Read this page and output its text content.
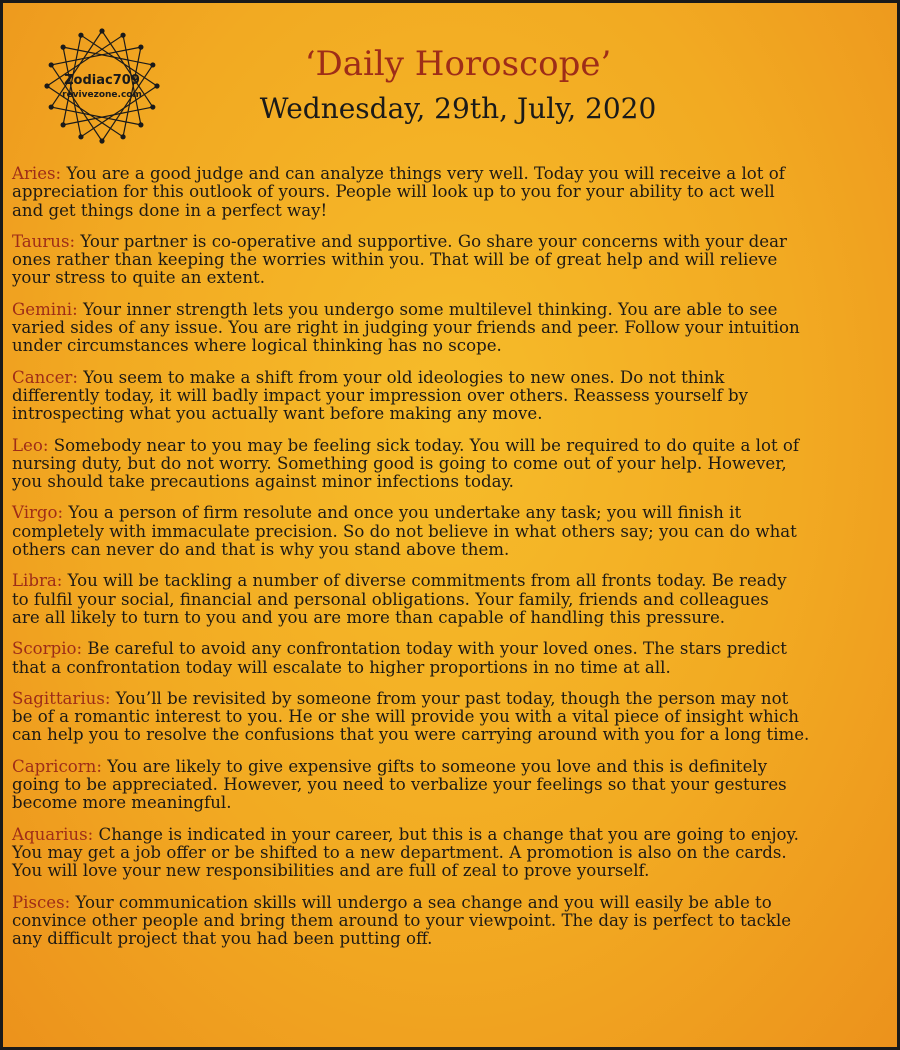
Zodiac709
revivezone.com
‘Daily Horoscope’
Wednesday, 29th, July, 2020
Aries: You are a good judge and can analyze things very well. Today you will receive a lot of
appreciation for this outlook of yours. People will look up to you for your ability to act well
and get things done in a perfect way!
Taurus: Your partner is co-operative and supportive. Go share your concerns with your dear
ones rather than keeping the worries within you. That will be of great help and will relieve
your stress to quite an extent.
Gemini: Your inner strength lets you undergo some multilevel thinking. You are able to see
varied sides of any issue. You are right in judging your friends and peer. Follow your intuition
under circumstances where logical thinking has no scope.
Cancer: You seem to make a shift from your old ideologies to new ones. Do not think
differently today, it will badly impact your impression over others. Reassess yourself by
introspecting what you actually want before making any move.
Leo: Somebody near to you may be feeling sick today. You will be required to do quite a lot of
nursing duty, but do not worry. Something good is going to come out of your help. However,
you should take precautions against minor infections today.
Virgo: You a person of firm resolute and once you undertake any task; you will finish it
completely with immaculate precision. So do not believe in what others say; you can do what
others can never do and that is why you stand above them.
Libra: You will be tackling a number of diverse commitments from all fronts today. Be ready
to fulfil your social, financial and personal obligations. Your family, friends and colleagues
are all likely to turn to you and you are more than capable of handling this pressure.
Scorpio: Be careful to avoid any confrontation today with your loved ones. The stars predict
that a confrontation today will escalate to higher proportions in no time at all.
Sagittarius: You’ll be revisited by someone from your past today, though the person may not
be of a romantic interest to you. He or she will provide you with a vital piece of insight which
can help you to resolve the confusions that you were carrying around with you for a long time.
Capricorn: You are likely to give expensive gifts to someone you love and this is definitely
going to be appreciated. However, you need to verbalize your feelings so that your gestures
become more meaningful.
Aquarius: Change is indicated in your career, but this is a change that you are going to enjoy.
You may get a job offer or be shifted to a new department. A promotion is also on the cards.
You will love your new responsibilities and are full of zeal to prove yourself.
Pisces: Your communication skills will undergo a sea change and you will easily be able to
convince other people and bring them around to your viewpoint. The day is perfect to tackle
any difficult project that you had been putting off.
